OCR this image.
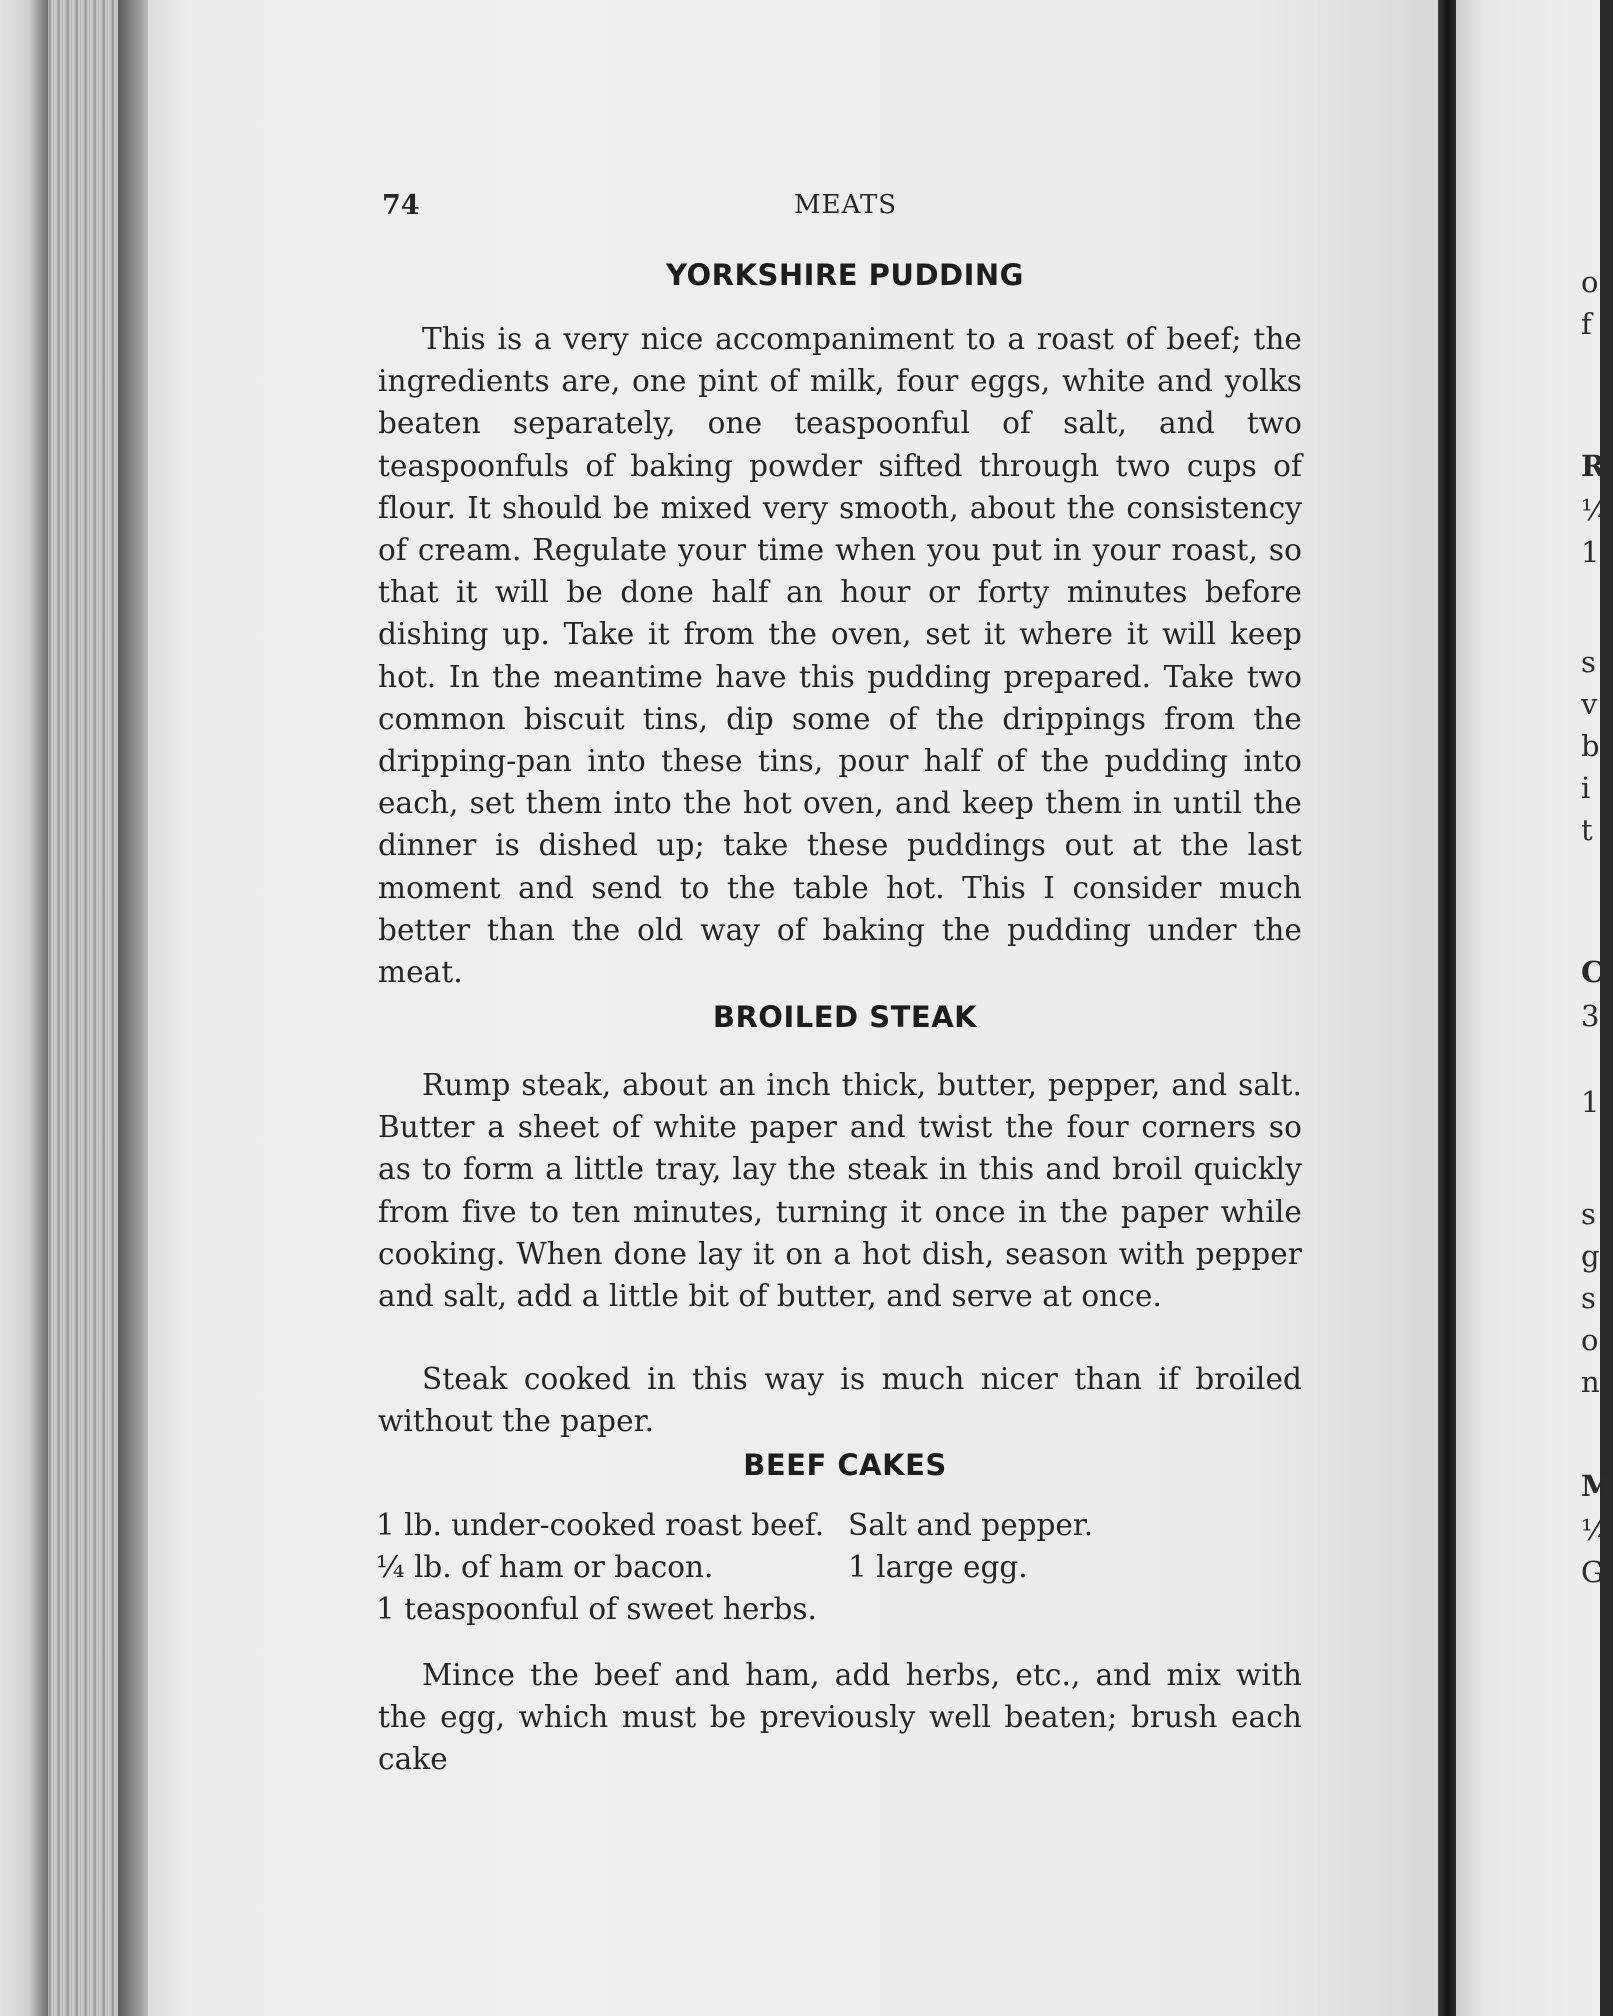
o
f
R
¼
1
s
v
b
i
t
C
3
1
s
g
s
o
n
M
¼
G
74	MEATS
YORKSHIRE PUDDING
This is a very nice accompaniment to a roast of beef; the ingredients are, one pint of milk, four eggs, white and yolks beaten separately, one teaspoonful of salt, and two teaspoonfuls of baking powder sifted through two cups of flour. It should be mixed very smooth, about the consistency of cream. Regulate your time when you put in your roast, so that it will be done half an hour or forty minutes before dishing up. Take it from the oven, set it where it will keep hot. In the meantime have this pudding prepared. Take two common biscuit tins, dip some of the drippings from the dripping-pan into these tins, pour half of the pudding into each, set them into the hot oven, and keep them in until the dinner is dished up; take these puddings out at the last moment and send to the table hot. This I consider much better than the old way of baking the pudding under the meat.
BROILED STEAK
Rump steak, about an inch thick, butter, pepper, and salt. Butter a sheet of white paper and twist the four corners so as to form a little tray, lay the steak in this and broil quickly from five to ten minutes, turning it once in the paper while cooking. When done lay it on a hot dish, season with pepper and salt, add a little bit of butter, and serve at once.
Steak cooked in this way is much nicer than if broiled without the paper.
BEEF CAKES
1 lb. under-cooked roast beef.
¼ lb. of ham or bacon.
1 teaspoonful of sweet herbs.
Salt and pepper.
1 large egg.
Mince the beef and ham, add herbs, etc., and mix with the egg, which must be previously well beaten; brush each cake
